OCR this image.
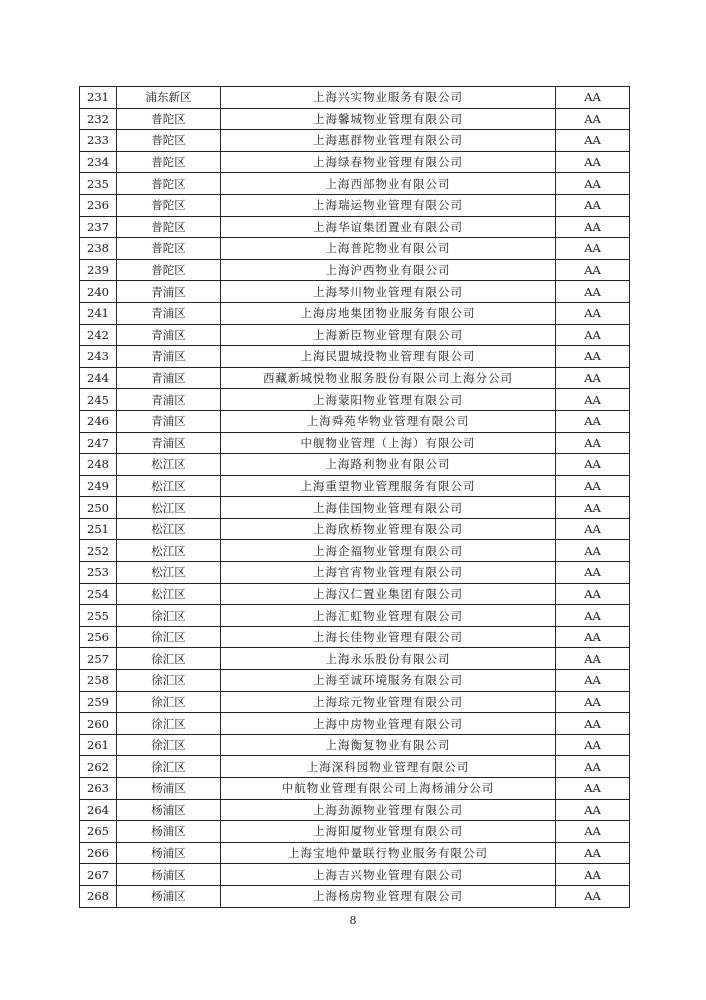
231	浦东新区	上海兴实物业服务有限公司	AA
232	普陀区	上海馨城物业管理有限公司	AA
233	普陀区	上海惠群物业管理有限公司	AA
234	普陀区	上海绿春物业管理有限公司	AA
235	普陀区	上海西部物业有限公司	AA
236	普陀区	上海瑞运物业管理有限公司	AA
237	普陀区	上海华谊集团置业有限公司	AA
238	普陀区	上海普陀物业有限公司	AA
239	普陀区	上海沪西物业有限公司	AA
240	青浦区	上海琴川物业管理有限公司	AA
241	青浦区	上海房地集团物业服务有限公司	AA
242	青浦区	上海新臣物业管理有限公司	AA
243	青浦区	上海民盟城投物业管理有限公司	AA
244	青浦区	西藏新城悦物业服务股份有限公司上海分公司	AA
245	青浦区	上海蒙阳物业管理有限公司	AA
246	青浦区	上海舜苑华物业管理有限公司	AA
247	青浦区	中舰物业管理（上海）有限公司	AA
248	松江区	上海路利物业有限公司	AA
249	松江区	上海重望物业管理服务有限公司	AA
250	松江区	上海佳国物业管理有限公司	AA
251	松江区	上海欣桥物业管理有限公司	AA
252	松江区	上海企福物业管理有限公司	AA
253	松江区	上海官宵物业管理有限公司	AA
254	松江区	上海汉仁置业集团有限公司	AA
255	徐汇区	上海汇虹物业管理有限公司	AA
256	徐汇区	上海长佳物业管理有限公司	AA
257	徐汇区	上海永乐股份有限公司	AA
258	徐汇区	上海至诚环境服务有限公司	AA
259	徐汇区	上海琮元物业管理有限公司	AA
260	徐汇区	上海中房物业管理有限公司	AA
261	徐汇区	上海衡复物业有限公司	AA
262	徐汇区	上海深科园物业管理有限公司	AA
263	杨浦区	中航物业管理有限公司上海杨浦分公司	AA
264	杨浦区	上海劲源物业管理有限公司	AA
265	杨浦区	上海阳厦物业管理有限公司	AA
266	杨浦区	上海宝地仲量联行物业服务有限公司	AA
267	杨浦区	上海吉兴物业管理有限公司	AA
268	杨浦区	上海杨房物业管理有限公司	AA
8
